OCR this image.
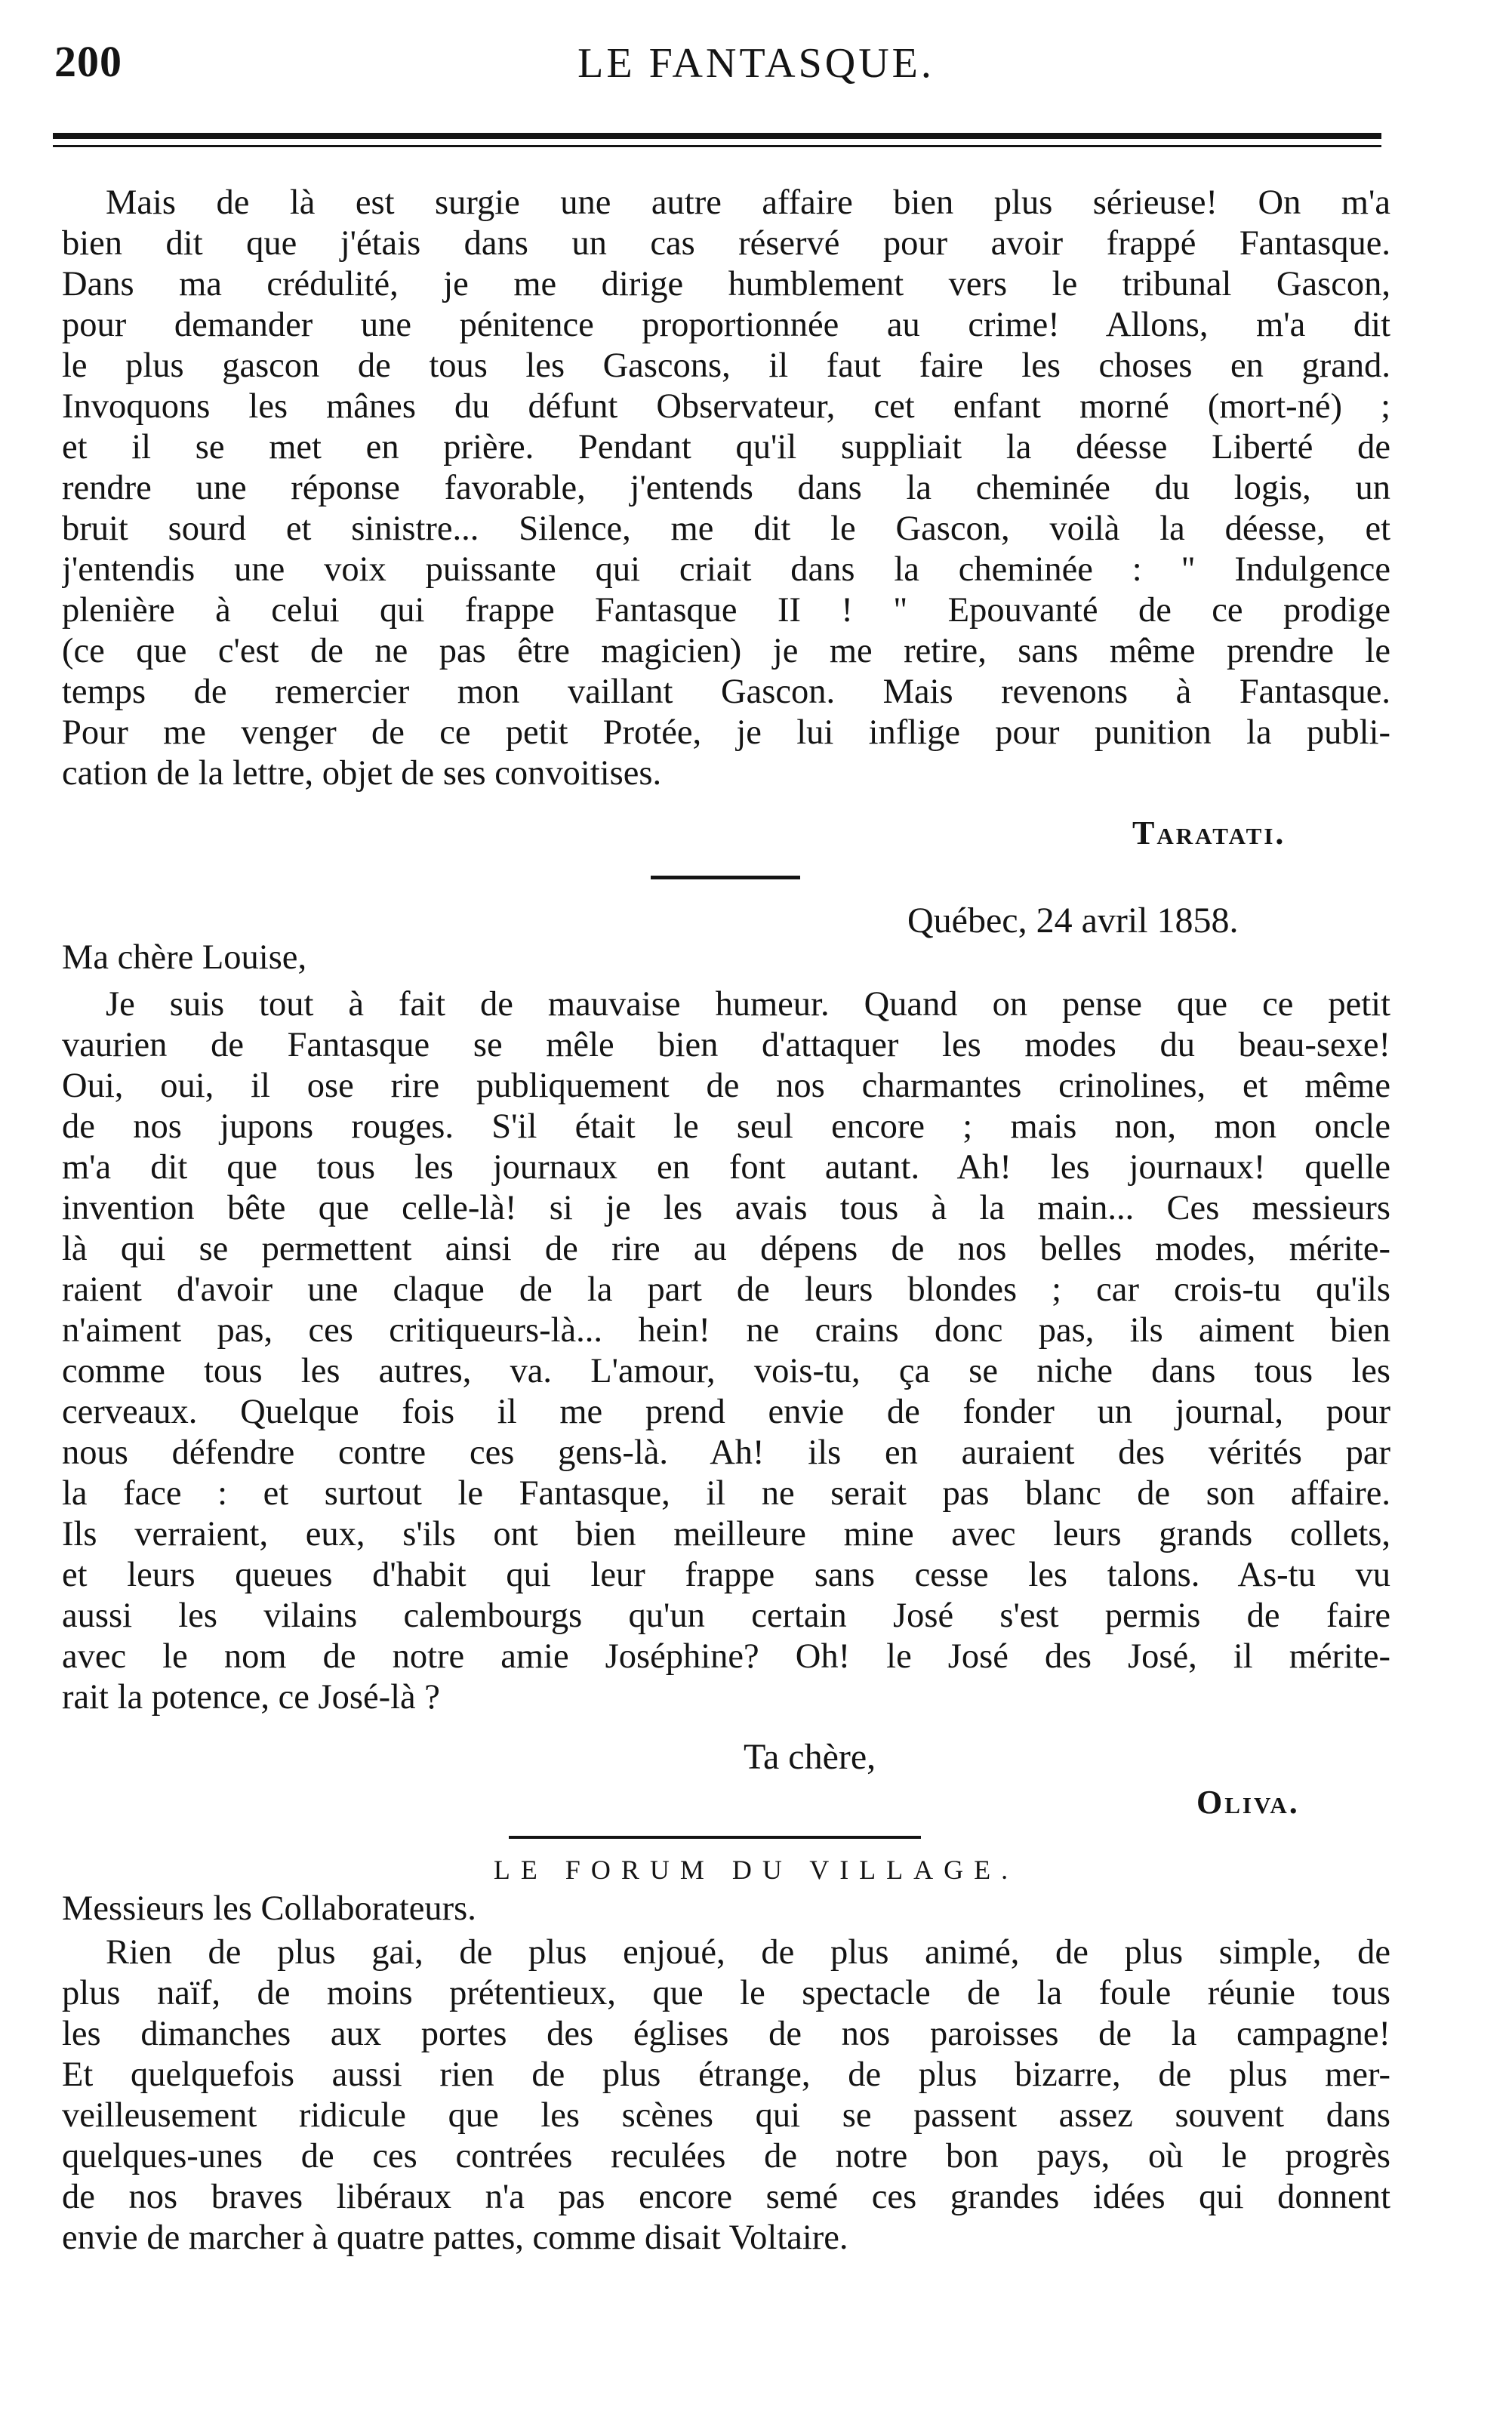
200	LE FANTASQUE.
Mais de là est surgie une autre affaire bien plus sérieuse! On m'a
bien dit que j'étais dans un cas réservé pour avoir frappé Fantasque.
Dans ma crédulité, je me dirige humblement vers le tribunal Gascon,
pour demander une pénitence proportionnée au crime! Allons, m'a dit
le plus gascon de tous les Gascons, il faut faire les choses en grand.
Invoquons les mânes du défunt Observateur, cet enfant morné (mort-né) ;
et il se met en prière. Pendant qu'il suppliait la déesse Liberté de
rendre une réponse favorable, j'entends dans la cheminée du logis, un
bruit sourd et sinistre... Silence, me dit le Gascon, voilà la déesse, et
j'entendis une voix puissante qui criait dans la cheminée : " Indulgence
plenière à celui qui frappe Fantasque II ! " Epouvanté de ce prodige
(ce que c'est de ne pas être magicien) je me retire, sans même prendre le
temps de remercier mon vaillant Gascon. Mais revenons à Fantasque.
Pour me venger de ce petit Protée, je lui inflige pour punition la publi-
cation de la lettre, objet de ses convoitises.
Taratati.
Québec, 24 avril 1858.
Ma chère Louise,
Je suis tout à fait de mauvaise humeur. Quand on pense que ce petit
vaurien de Fantasque se mêle bien d'attaquer les modes du beau-sexe!
Oui, oui, il ose rire publiquement de nos charmantes crinolines, et même
de nos jupons rouges. S'il était le seul encore ; mais non, mon oncle
m'a dit que tous les journaux en font autant. Ah! les journaux! quelle
invention bête que celle-là! si je les avais tous à la main... Ces messieurs
là qui se permettent ainsi de rire au dépens de nos belles modes, mérite-
raient d'avoir une claque de la part de leurs blondes ; car crois-tu qu'ils
n'aiment pas, ces critiqueurs-là... hein! ne crains donc pas, ils aiment bien
comme tous les autres, va. L'amour, vois-tu, ça se niche dans tous les
cerveaux. Quelque fois il me prend envie de fonder un journal, pour
nous défendre contre ces gens-là. Ah! ils en auraient des vérités par
la face : et surtout le Fantasque, il ne serait pas blanc de son affaire.
Ils verraient, eux, s'ils ont bien meilleure mine avec leurs grands collets,
et leurs queues d'habit qui leur frappe sans cesse les talons. As-tu vu
aussi les vilains calembourgs qu'un certain José s'est permis de faire
avec le nom de notre amie Joséphine? Oh! le José des José, il mérite-
rait la potence, ce José-là ?
Ta chère,
Oliva.
LE FORUM DU VILLAGE.
Messieurs les Collaborateurs.
Rien de plus gai, de plus enjoué, de plus animé, de plus simple, de
plus naïf, de moins prétentieux, que le spectacle de la foule réunie tous
les dimanches aux portes des églises de nos paroisses de la campagne!
Et quelquefois aussi rien de plus étrange, de plus bizarre, de plus mer-
veilleusement ridicule que les scènes qui se passent assez souvent dans
quelques-unes de ces contrées reculées de notre bon pays, où le progrès
de nos braves libéraux n'a pas encore semé ces grandes idées qui donnent
envie de marcher à quatre pattes, comme disait Voltaire.
